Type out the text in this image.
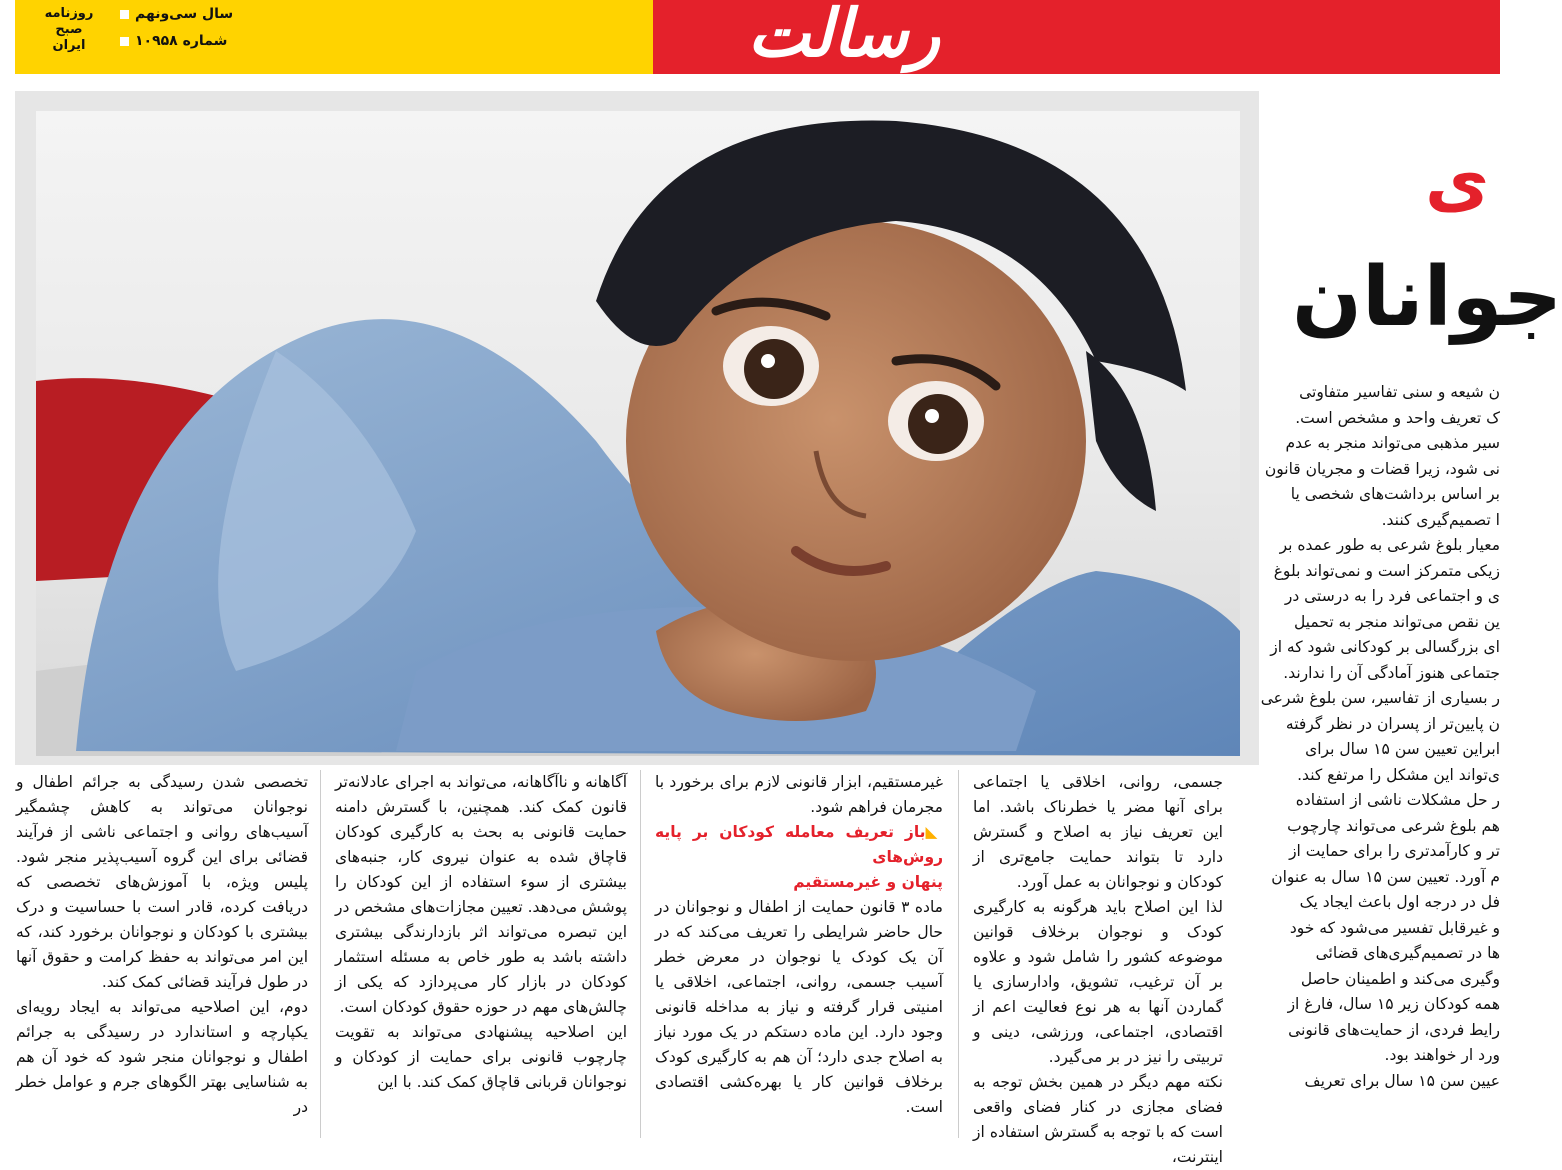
رسالت
روزنامه صبح ایران
سال سی‌ونهم
شماره ۱۰۹۵۸
ی
جوانان

ن شیعه و سنی تفاسیر متفاوتی

ک تعریف واحد و مشخص است.

سیر مذهبی می‌تواند منجر به عدم

نی شود، زیرا قضات و مجریان قانون

بر اساس برداشت‌های شخصی یا

ا تصمیم‌گیری کنند.

معیار بلوغ شرعی به طور عمده بر

زیکی متمرکز است و نمی‌تواند بلوغ

ی و اجتماعی فرد را به درستی در

ین نقص می‌تواند منجر به تحمیل

ای بزرگسالی بر کودکانی شود که از

جتماعی هنوز آمادگی آن را ندارند.

ر بسیاری از تفاسیر، سن بلوغ شرعی

ن پایین‌تر از پسران در نظر گرفته

ابراین تعیین سن ۱۵ سال برای

ی‌تواند این مشکل را مرتفع کند.

ر حل مشکلات ناشی از استفاده

هم بلوغ شرعی می‌تواند چارچوب

تر و کارآمدتری را برای حمایت از

م آورد. تعیین سن ۱۵ سال به عنوان

فل در درجه اول باعث ایجاد یک

و غیرقابل تفسیر می‌شود که خود

ها در تصمیم‌گیری‌های قضائی

وگیری می‌کند و اطمینان حاصل

همه کودکان زیر ۱۵ سال، فارغ از

رایط فردی، از حمایت‌های قانونی

ورد ار خواهند بود.

عیین سن ۱۵ سال برای تعریف

جسمی، روانی، اخلاقی یا اجتماعی برای آنها مضر یا خطرناک باشد. اما این تعریف نیاز به اصلاح و گسترش دارد تا بتواند حمایت جامع‌تری از کودکان و نوجوانان به عمل آورد.

لذا این اصلاح باید هرگونه به کارگیری کودک و نوجوان برخلاف قوانین موضوعه کشور را شامل شود و علاوه بر آن ترغیب، تشویق، وادارسازی یا گماردن آنها به هر نوع فعالیت اعم از اقتصادی، اجتماعی، ورزشی، دینی و تربیتی را نیز در بر می‌گیرد.

نکته مهم دیگر در همین بخش توجه به فضای مجازی در کنار فضای واقعی است که با توجه به گسترش استفاده از اینترنت،

غیرمستقیم، ابزار قانونی لازم برای برخورد با مجرمان فراهم شود.

◣باز تعریف معامله کودکان بر پایه روش‌های

پنهان و غیرمستقیم

ماده ۳ قانون حمایت از اطفال و نوجوانان در حال حاضر شرایطی را تعریف می‌کند که در آن یک کودک یا نوجوان در معرض خطر آسیب جسمی، روانی، اجتماعی، اخلاقی یا امنیتی قرار گرفته و نیاز به مداخله قانونی وجود دارد. این ماده دستکم در یک مورد نیاز به اصلاح جدی دارد؛ آن هم به کارگیری کودک برخلاف قوانین کار یا بهره‌کشی اقتصادی است.

آگاهانه و ناآگاهانه، می‌تواند به اجرای عادلانه‌تر قانون کمک کند. همچنین، با گسترش دامنه حمایت قانونی به بحث به کارگیری کودکان قاچاق شده به عنوان نیروی کار، جنبه‌های بیشتری از سوء استفاده از این کودکان را پوشش می‌دهد. تعیین مجازات‌های مشخص در این تبصره می‌تواند اثر بازدارندگی بیشتری داشته باشد به طور خاص به مسئله استثمار کودکان در بازار کار می‌پردازد که یکی از چالش‌های مهم در حوزه حقوق کودکان است.

این اصلاحیه پیشنهادی می‌تواند به تقویت چارچوب قانونی برای حمایت از کودکان و نوجوانان قربانی قاچاق کمک کند. با این

تخصصی شدن رسیدگی به جرائم اطفال و نوجوانان می‌تواند به کاهش چشمگیر آسیب‌های روانی و اجتماعی ناشی از فرآیند قضائی برای این گروه آسیب‌پذیر منجر شود. پلیس ویژه، با آموزش‌های تخصصی که دریافت کرده، قادر است با حساسیت و درک بیشتری با کودکان و نوجوانان برخورد کند، که این امر می‌تواند به حفظ کرامت و حقوق آنها در طول فرآیند قضائی کمک کند.

دوم، این اصلاحیه می‌تواند به ایجاد رویه‌ای یکپارچه و استاندارد در رسیدگی به جرائم اطفال و نوجوانان منجر شود که خود آن هم به شناسایی بهتر الگوهای جرم و عوامل خطر در
